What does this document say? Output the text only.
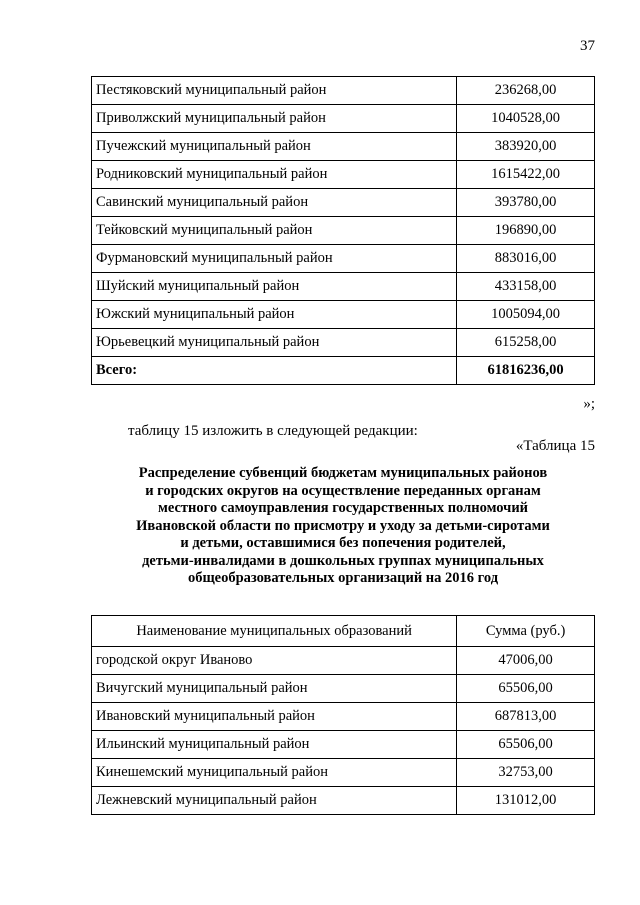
37
Пестяковский муниципальный район	236268,00
Приволжский муниципальный район	1040528,00
Пучежский муниципальный район	383920,00
Родниковский муниципальный район	1615422,00
Савинский муниципальный район	393780,00
Тейковский муниципальный район	196890,00
Фурмановский муниципальный район	883016,00
Шуйский муниципальный район	433158,00
Южский муниципальный район	1005094,00
Юрьевецкий муниципальный район	615258,00
Всего:	61816236,00
»;
таблицу 15 изложить в следующей редакции:
«Таблица 15
Распределение субвенций бюджетам муниципальных районов
и городских округов на осуществление переданных органам
местного самоуправления государственных полномочий
Ивановской области по присмотру и уходу за детьми-сиротами
и детьми, оставшимися без попечения родителей,
детьми-инвалидами в дошкольных группах муниципальных
общеобразовательных организаций на 2016 год
Наименование муниципальных образований	Сумма (руб.)
городской округ Иваново	47006,00
Вичугский муниципальный район	65506,00
Ивановский муниципальный район	687813,00
Ильинский муниципальный район	65506,00
Кинешемский муниципальный район	32753,00
Лежневский муниципальный район	131012,00
